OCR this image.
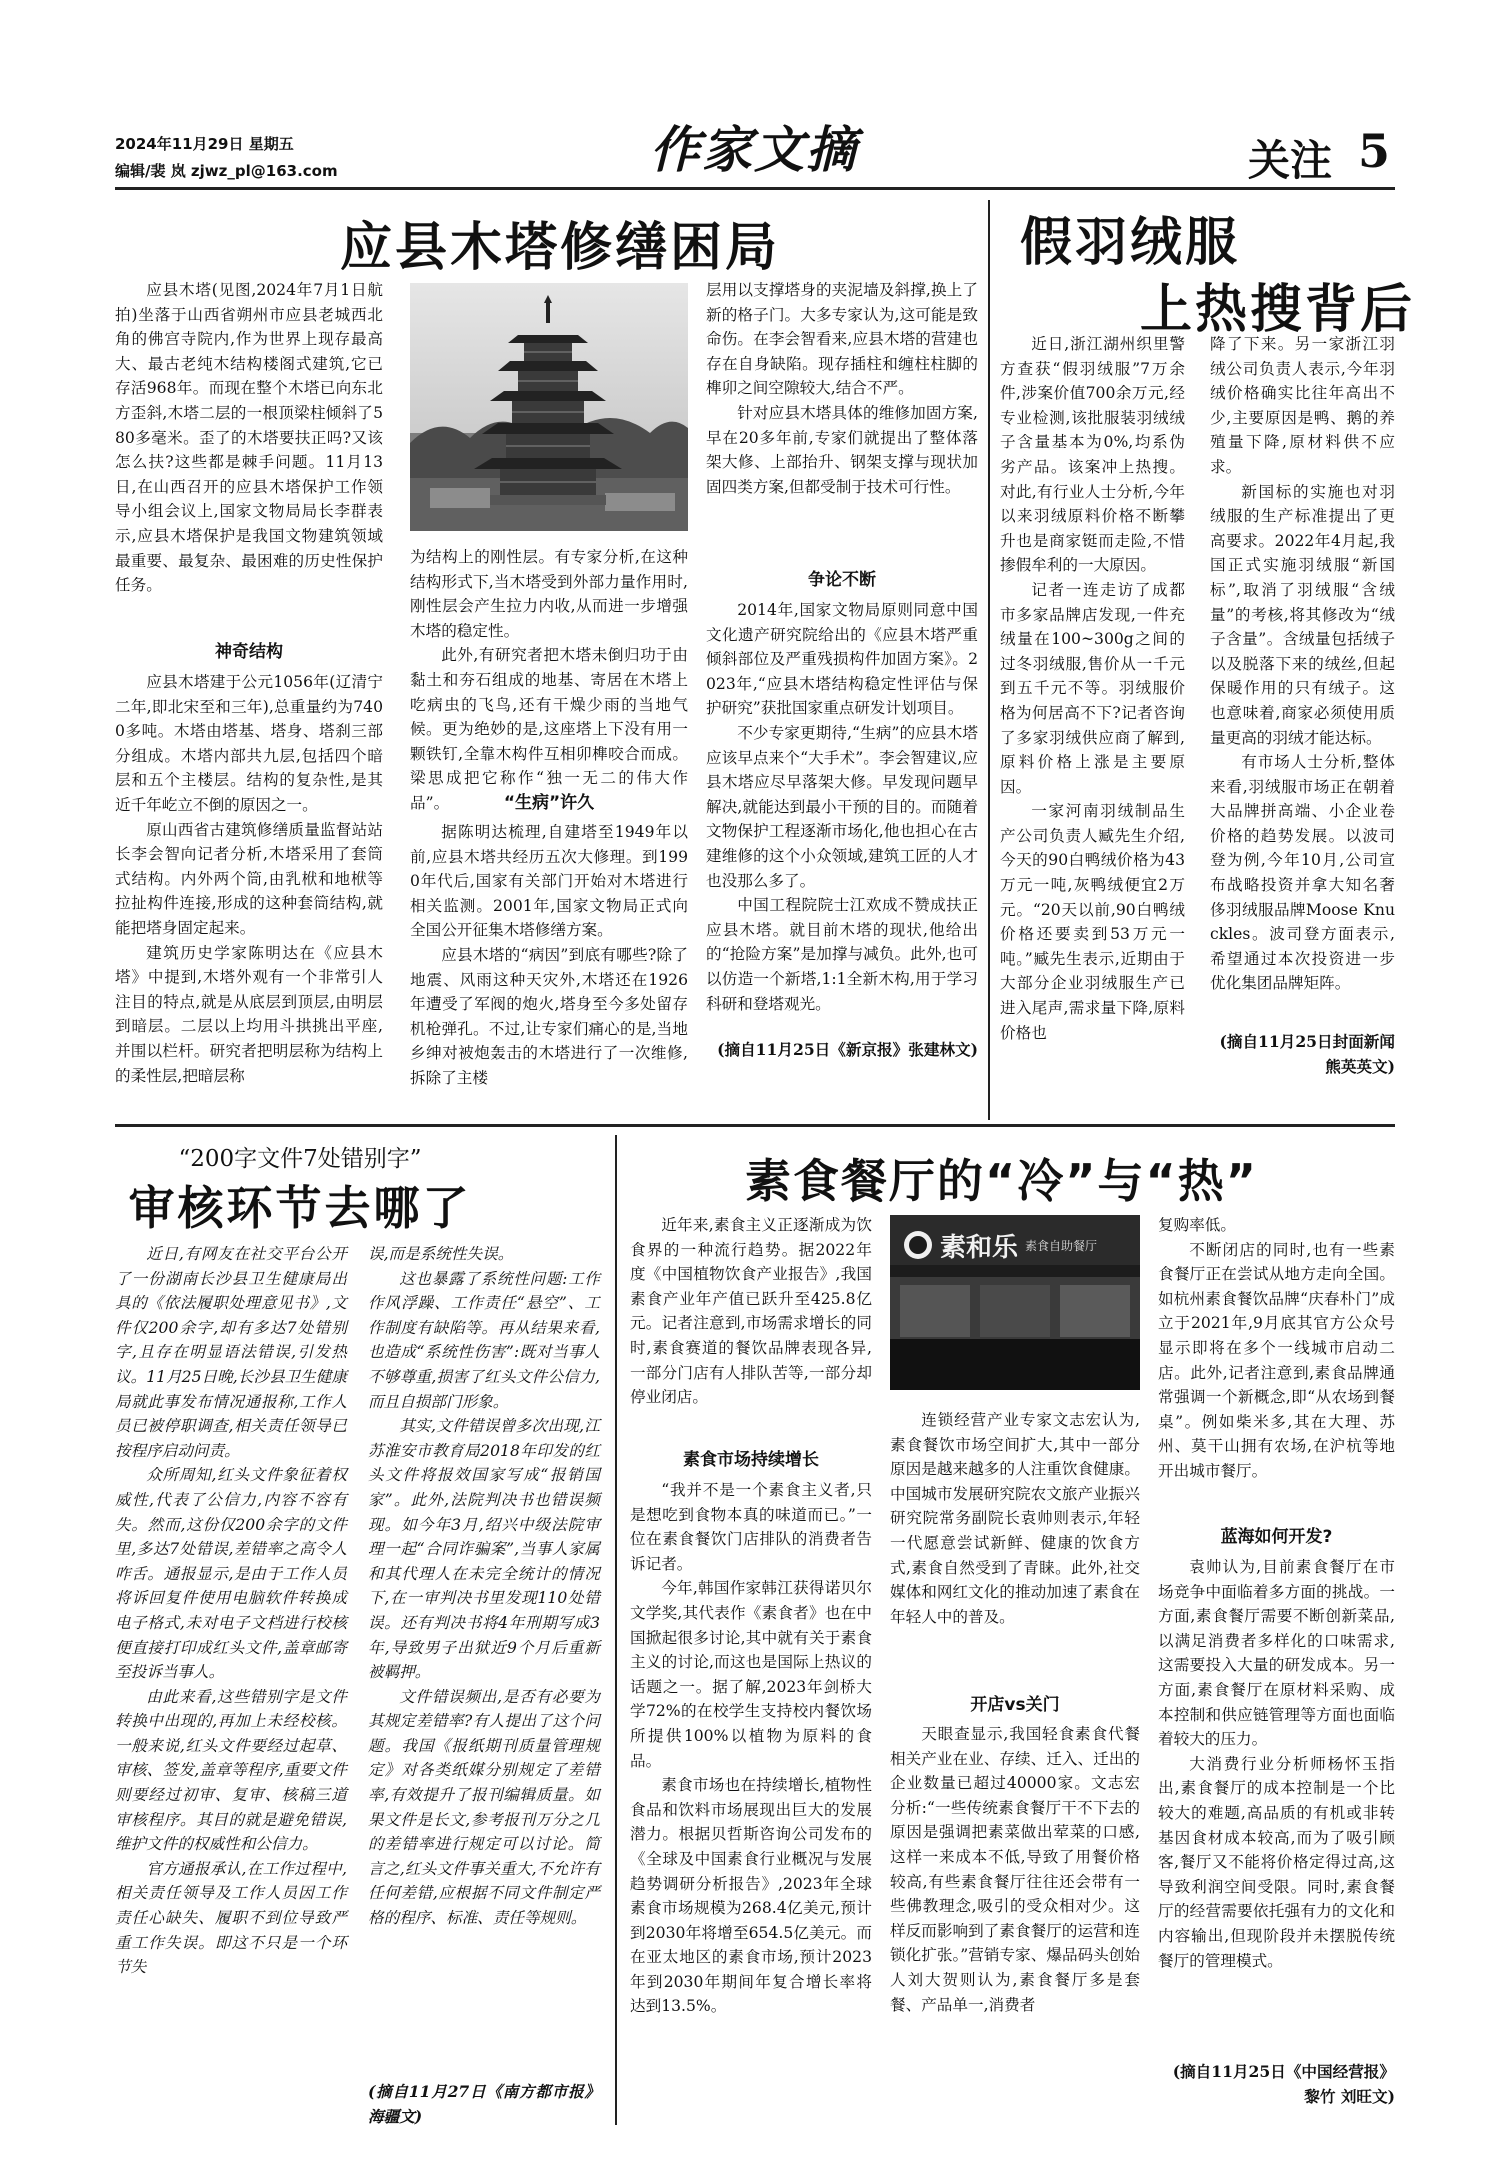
2024年11月29日 星期五
编辑/裴 岚 zjwz_pl@163.com	作家文摘	关注 5
应县木塔修缮困局

应县木塔(见图,2024年7月1日航拍)坐落于山西省朔州市应县老城西北角的佛宫寺院内,作为世界上现存最高大、最古老纯木结构楼阁式建筑,它已存活968年。而现在整个木塔已向东北方歪斜,木塔二层的一根顶梁柱倾斜了580多毫米。歪了的木塔要扶正吗?又该怎么扶?这些都是棘手问题。11月13日,在山西召开的应县木塔保护工作领导小组会议上,国家文物局局长李群表示,应县木塔保护是我国文物建筑领域最重要、最复杂、最困难的历史性保护任务。

神奇结构

应县木塔建于公元1056年(辽清宁二年,即北宋至和三年),总重量约为7400多吨。木塔由塔基、塔身、塔刹三部分组成。木塔内部共九层,包括四个暗层和五个主楼层。结构的复杂性,是其近千年屹立不倒的原因之一。

原山西省古建筑修缮质量监督站站长李会智向记者分析,木塔采用了套筒式结构。内外两个筒,由乳栿和地栿等拉扯构件连接,形成的这种套筒结构,就能把塔身固定起来。

建筑历史学家陈明达在《应县木塔》中提到,木塔外观有一个非常引人注目的特点,就是从底层到顶层,由明层到暗层。二层以上均用斗拱挑出平座,并围以栏杆。研究者把明层称为结构上的柔性层,把暗层称

为结构上的刚性层。有专家分析,在这种结构形式下,当木塔受到外部力量作用时,刚性层会产生拉力内收,从而进一步增强木塔的稳定性。

此外,有研究者把木塔未倒归功于由黏土和夯石组成的地基、寄居在木塔上吃病虫的飞鸟,还有干燥少雨的当地气候。更为绝妙的是,这座塔上下没有用一颗铁钉,全靠木构件互相卯榫咬合而成。梁思成把它称作“独一无二的伟大作品”。	“生病”许久

据陈明达梳理,自建塔至1949年以前,应县木塔共经历五次大修理。到1990年代后,国家有关部门开始对木塔进行相关监测。2001年,国家文物局正式向全国公开征集木塔修缮方案。

应县木塔的“病因”到底有哪些?除了地震、风雨这种天灾外,木塔还在1926年遭受了军阀的炮火,塔身至今多处留存机枪弹孔。不过,让专家们痛心的是,当地乡绅对被炮轰击的木塔进行了一次维修,拆除了主楼

层用以支撑塔身的夹泥墙及斜撑,换上了新的格子门。大多专家认为,这可能是致命伤。在李会智看来,应县木塔的营建也存在自身缺陷。现存插柱和缠柱柱脚的榫卯之间空隙较大,结合不严。

针对应县木塔具体的维修加固方案,早在20多年前,专家们就提出了整体落架大修、上部抬升、钢架支撑与现状加固四类方案,但都受制于技术可行性。

争论不断

2014年,国家文物局原则同意中国文化遗产研究院给出的《应县木塔严重倾斜部位及严重残损构件加固方案》。2023年,“应县木塔结构稳定性评估与保护研究”获批国家重点研发计划项目。

不少专家更期待,“生病”的应县木塔应该早点来个“大手术”。李会智建议,应县木塔应尽早落架大修。早发现问题早解决,就能达到最小干预的目的。而随着文物保护工程逐渐市场化,他也担心在古建维修的这个小众领域,建筑工匠的人才也没那么多了。

中国工程院院士江欢成不赞成扶正应县木塔。就目前木塔的现状,他给出的“抢险方案”是加撑与减负。此外,也可以仿造一个新塔,1:1全新木构,用于学习科研和登塔观光。

(摘自11月25日《新京报》张建林文)
假羽绒服
上热搜背后

近日,浙江湖州织里警方查获“假羽绒服”7万余件,涉案价值700余万元,经专业检测,该批服装羽绒绒子含量基本为0%,均系伪劣产品。该案冲上热搜。对此,有行业人士分析,今年以来羽绒原料价格不断攀升也是商家铤而走险,不惜掺假牟利的一大原因。

记者一连走访了成都市多家品牌店发现,一件充绒量在100~300g之间的过冬羽绒服,售价从一千元到五千元不等。羽绒服价格为何居高不下?记者咨询了多家羽绒供应商了解到,原料价格上涨是主要原因。

一家河南羽绒制品生产公司负责人臧先生介绍,今天的90白鸭绒价格为43万元一吨,灰鸭绒便宜2万元。“20天以前,90白鸭绒价格还要卖到53万元一吨。”臧先生表示,近期由于大部分企业羽绒服生产已进入尾声,需求量下降,原料价格也

降了下来。另一家浙江羽绒公司负责人表示,今年羽绒价格确实比往年高出不少,主要原因是鸭、鹅的养殖量下降,原材料供不应求。

新国标的实施也对羽绒服的生产标准提出了更高要求。2022年4月起,我国正式实施羽绒服“新国标”,取消了羽绒服“含绒量”的考核,将其修改为“绒子含量”。含绒量包括绒子以及脱落下来的绒丝,但起保暖作用的只有绒子。这也意味着,商家必须使用质量更高的羽绒才能达标。

有市场人士分析,整体来看,羽绒服市场正在朝着大品牌拼高端、小企业卷价格的趋势发展。以波司登为例,今年10月,公司宣布战略投资并拿大知名奢侈羽绒服品牌Moose Knuckles。波司登方面表示,希望通过本次投资进一步优化集团品牌矩阵。

(摘自11月25日封面新闻 熊英英文)
“200字文件7处错别字”
审核环节去哪了

近日,有网友在社交平台公开了一份湖南长沙县卫生健康局出具的《依法履职处理意见书》,文件仅200余字,却有多达7处错别字,且存在明显语法错误,引发热议。11月25日晚,长沙县卫生健康局就此事发布情况通报称,工作人员已被停职调查,相关责任领导已按程序启动问责。

众所周知,红头文件象征着权威性,代表了公信力,内容不容有失。然而,这份仅200余字的文件里,多达7处错误,差错率之高令人咋舌。通报显示,是由于工作人员将诉回复件使用电脑软件转换成电子格式,未对电子文档进行校核便直接打印成红头文件,盖章邮寄至投诉当事人。

由此来看,这些错别字是文件转换中出现的,再加上未经校核。一般来说,红头文件要经过起草、审核、签发,盖章等程序,重要文件则要经过初审、复审、核稿三道审核程序。其目的就是避免错误,维护文件的权威性和公信力。

官方通报承认,在工作过程中,相关责任领导及工作人员因工作责任心缺失、履职不到位导致严重工作失误。即这不只是一个环节失

误,而是系统性失误。

这也暴露了系统性问题:工作作风浮躁、工作责任“悬空”、工作制度有缺陷等。再从结果来看,也造成“系统性伤害”:既对当事人不够尊重,损害了红头文件公信力,而且自损部门形象。

其实,文件错误曾多次出现,江苏淮安市教育局2018年印发的红头文件将报效国家写成“报销国家”。此外,法院判决书也错误频现。如今年3月,绍兴中级法院审理一起“合同诈骗案”,当事人家属和其代理人在未完全统计的情况下,在一审判决书里发现110处错误。还有判决书将4年刑期写成3年,导致男子出狱近9个月后重新被羁押。

文件错误频出,是否有必要为其规定差错率?有人提出了这个问题。我国《报纸期刊质量管理规定》对各类纸媒分别规定了差错率,有效提升了报刊编辑质量。如果文件是长文,参考报刊万分之几的差错率进行规定可以讨论。简言之,红头文件事关重大,不允许有任何差错,应根据不同文件制定严格的程序、标准、责任等规则。

(摘自11月27日《南方都市报》海疆文)
素食餐厅的“冷”与“热”

近年来,素食主义正逐渐成为饮食界的一种流行趋势。据2022年度《中国植物饮食产业报告》,我国素食产业年产值已跃升至425.8亿元。记者注意到,市场需求增长的同时,素食赛道的餐饮品牌表现各异,一部分门店有人排队苦等,一部分却停业闭店。

素食市场持续增长

“我并不是一个素食主义者,只是想吃到食物本真的味道而已。”一位在素食餐饮门店排队的消费者告诉记者。

今年,韩国作家韩江获得诺贝尔文学奖,其代表作《素食者》也在中国掀起很多讨论,其中就有关于素食主义的讨论,而这也是国际上热议的话题之一。据了解,2023年剑桥大学72%的在校学生支持校内餐饮场所提供100%以植物为原料的食品。

素食市场也在持续增长,植物性食品和饮料市场展现出巨大的发展潜力。根据贝哲斯咨询公司发布的《全球及中国素食行业概况与发展趋势调研分析报告》,2023年全球素食市场规模为268.4亿美元,预计到2030年将增至654.5亿美元。而在亚太地区的素食市场,预计2023年到2030年期间年复合增长率将达到13.5%。

素和乐 素食自助餐厅

连锁经营产业专家文志宏认为,素食餐饮市场空间扩大,其中一部分原因是越来越多的人注重饮食健康。中国城市发展研究院农文旅产业振兴研究院常务副院长袁帅则表示,年轻一代愿意尝试新鲜、健康的饮食方式,素食自然受到了青睐。此外,社交媒体和网红文化的推动加速了素食在年轻人中的普及。

开店vs关门

天眼查显示,我国轻食素食代餐相关产业在业、存续、迁入、迁出的企业数量已超过40000家。文志宏分析:“一些传统素食餐厅干不下去的原因是强调把素菜做出荤菜的口感,这样一来成本不低,导致了用餐价格较高,有些素食餐厅往往还会带有一些佛教理念,吸引的受众相对少。这样反而影响到了素食餐厅的运营和连锁化扩张。”营销专家、爆品码头创始人刘大贺则认为,素食餐厅多是套餐、产品单一,消费者

复购率低。

不断闭店的同时,也有一些素食餐厅正在尝试从地方走向全国。如杭州素食餐饮品牌“庆春朴门”成立于2021年,9月底其官方公众号显示即将在多个一线城市启动二店。此外,记者注意到,素食品牌通常强调一个新概念,即“从农场到餐桌”。例如柴米多,其在大理、苏州、莫干山拥有农场,在沪杭等地开出城市餐厅。

蓝海如何开发?

袁帅认为,目前素食餐厅在市场竞争中面临着多方面的挑战。一方面,素食餐厅需要不断创新菜品,以满足消费者多样化的口味需求,这需要投入大量的研发成本。另一方面,素食餐厅在原材料采购、成本控制和供应链管理等方面也面临着较大的压力。

大消费行业分析师杨怀玉指出,素食餐厅的成本控制是一个比较大的难题,高品质的有机或非转基因食材成本较高,而为了吸引顾客,餐厅又不能将价格定得过高,这导致利润空间受限。同时,素食餐厅的经营需要依托强有力的文化和内容输出,但现阶段并未摆脱传统餐厅的管理模式。

(摘自11月25日《中国经营报》黎竹 刘旺文)
